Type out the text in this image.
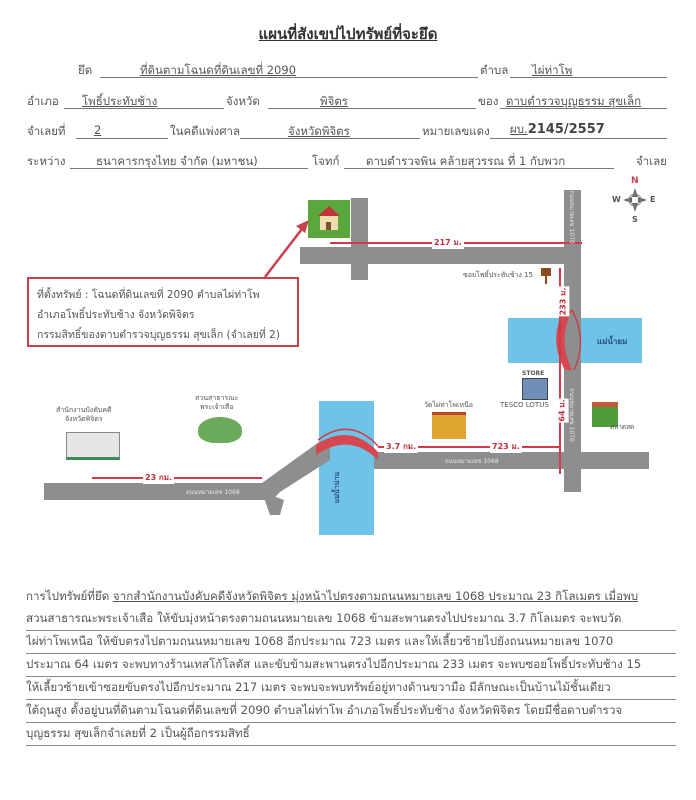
แผนที่สังเขปไปทรัพย์ที่จะยึด
ยึด	ที่ดินตามโฉนดที่ดินเลขที่ 2090	ตำบล	ไผ่ท่าโพ
อำเภอ	โพธิ์ประทับช้าง	จังหวัด	พิจิตร	ของ ดาบตำรวจบุญธรรม สุขเล็ก
จำเลยที่	2	ในคดีแพ่งศาล	จังหวัดพิจิตร	หมายเลขแดง	ผบ.2145/2557
ระหว่าง	ธนาคารกรุงไทย จำกัด (มหาชน)	โจทก์	ดาบตำรวจพิน คล้ายสุวรรณ ที่ 1 กับพวก	จำเลย
N
S
E
W
217 ม.
233 ม.
64 ม.
3.7 กม.	723 ม.
23 กม.
ซอยโพธิ์ประทับช้าง 15
แม่น้ำยม
แม่น้ำน่าน
ถนนหมายเลข 1068
ถนนหมายเลข 1068
ถนนหมายเลข 1070
ถนนหมายเลข 1070
STORE
TESCO LOTUS
วัดไผ่ท่าโพเหนือ
ตลาดสด
สำนักงานบังคับคดี
จังหวัดพิจิตร
สวนสาธารณะ
พระเจ้าเสือ
ที่ตั้งทรัพย์ : โฉนดที่ดินเลขที่ 2090 ตำบลไผ่ท่าโพ
อำเภอโพธิ์ประทับช้าง จังหวัดพิจิตร
กรรมสิทธิ์ของดาบตำรวจบุญธรรม สุขเล็ก (จำเลยที่ 2)
การไปทรัพย์ที่ยึด จากสำนักงานบังคับคดีจังหวัดพิจิตร มุ่งหน้าไปตรงตามถนนหมายเลข 1068 ประมาณ 23 กิโลเมตร เมื่อพบ
สวนสาธารณะพระเจ้าเสือ ให้ขับมุ่งหน้าตรงตามถนนหมายเลข 1068 ข้ามสะพานตรงไปประมาณ 3.7 กิโลเมตร จะพบวัด
ไผ่ท่าโพเหนือ ให้ขับตรงไปตามถนนหมายเลข 1068 อีกประมาณ 723 เมตร และให้เลี้ยวซ้ายไปยังถนนหมายเลข 1070
ประมาณ 64 เมตร จะพบทางร้านเทสโก้โลตัส และขับข้ามสะพานตรงไปอีกประมาณ 233 เมตร จะพบซอยโพธิ์ประทับช้าง 15
ให้เลี้ยวซ้ายเข้าซอยขับตรงไปอีกประมาณ 217 เมตร จะพบจะพบทรัพย์อยู่ทางด้านขวามือ มีลักษณะเป็นบ้านไม้ชั้นเดียว
ใต้ถุนสูง ตั้งอยู่บนที่ดินตามโฉนดที่ดินเลขที่ 2090 ตำบลไผ่ท่าโพ อำเภอโพธิ์ประทับช้าง จังหวัดพิจิตร โดยมีชื่อดาบตำรวจ
บุญธรรม สุขเล็กจำเลยที่ 2 เป็นผู้ถือกรรมสิทธิ์
